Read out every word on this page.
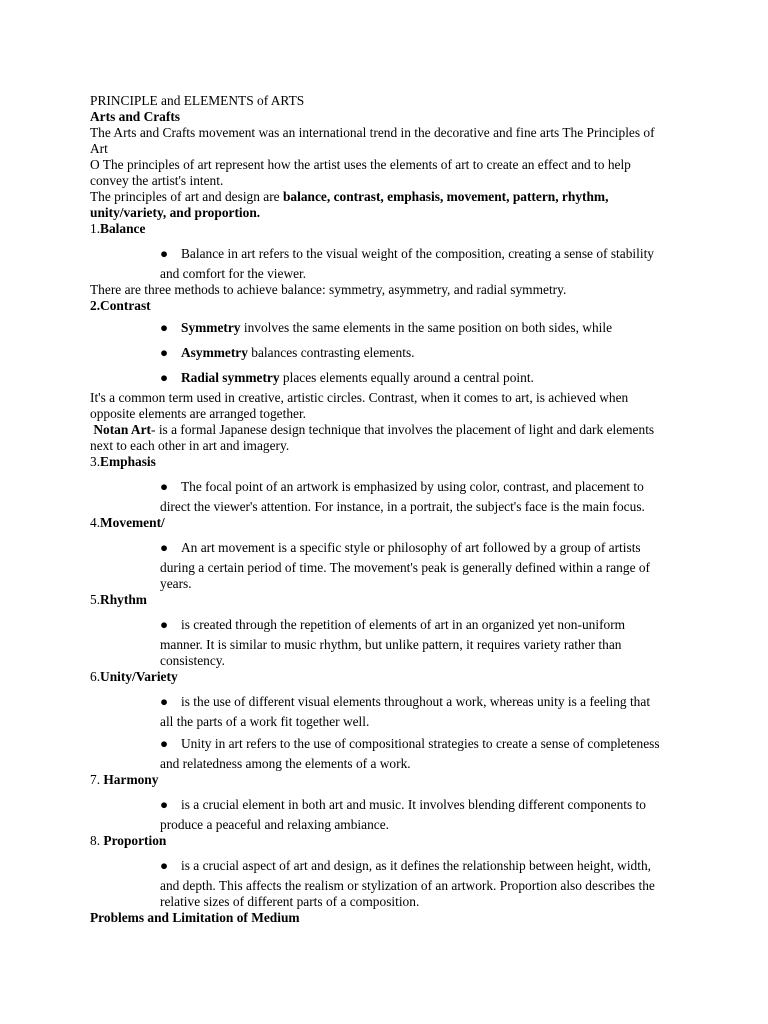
PRINCIPLE and ELEMENTS of ARTS
Arts and Crafts
The Arts and Crafts movement was an international trend in the decorative and fine arts The Principles of
Art
O The principles of art represent how the artist uses the elements of art to create an effect and to help
convey the artist's intent.
The principles of art and design are balance, contrast, emphasis, movement, pattern, rhythm,
unity/variety, and proportion.
1.Balance
● Balance in art refers to the visual weight of the composition, creating a sense of stability
and comfort for the viewer.
There are three methods to achieve balance: symmetry, asymmetry, and radial symmetry.
2.Contrast
● Symmetry involves the same elements in the same position on both sides, while
● Asymmetry balances contrasting elements.
● Radial symmetry places elements equally around a central point.
It's a common term used in creative, artistic circles. Contrast, when it comes to art, is achieved when
opposite elements are arranged together.
Notan Art- is a formal Japanese design technique that involves the placement of light and dark elements
next to each other in art and imagery.
3.Emphasis
● The focal point of an artwork is emphasized by using color, contrast, and placement to
direct the viewer's attention. For instance, in a portrait, the subject's face is the main focus.
4.Movement/
● An art movement is a specific style or philosophy of art followed by a group of artists
during a certain period of time. The movement's peak is generally defined within a range of
years.
5.Rhythm
● is created through the repetition of elements of art in an organized yet non-uniform
manner. It is similar to music rhythm, but unlike pattern, it requires variety rather than
consistency.
6.Unity/Variety
● is the use of different visual elements throughout a work, whereas unity is a feeling that
all the parts of a work fit together well.
● Unity in art refers to the use of compositional strategies to create a sense of completeness
and relatedness among the elements of a work.
7. Harmony
● is a crucial element in both art and music. It involves blending different components to
produce a peaceful and relaxing ambiance.
8. Proportion
● is a crucial aspect of art and design, as it defines the relationship between height, width,
and depth. This affects the realism or stylization of an artwork. Proportion also describes the
relative sizes of different parts of a composition.
Problems and Limitation of Medium
